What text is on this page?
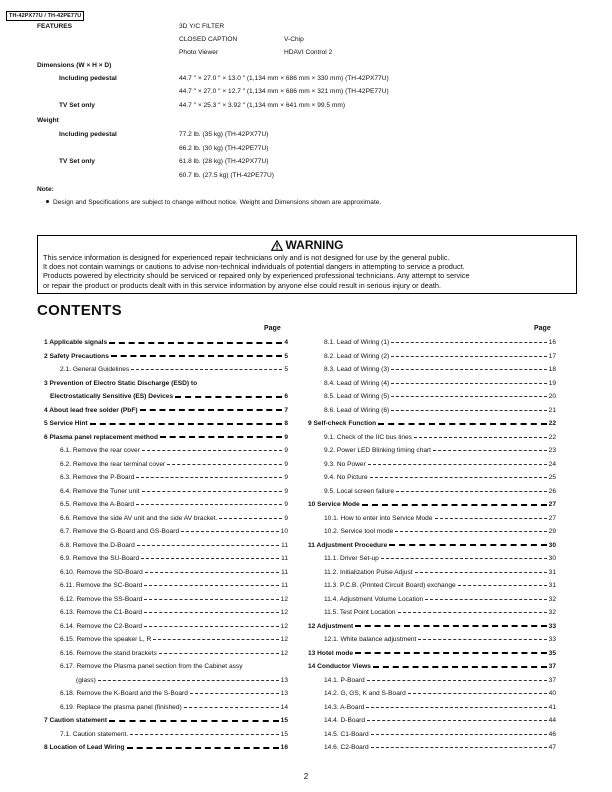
TH-42PX77U / TH-42PE77U
FEATURES	3D Y/C FILTER
CLOSED CAPTION	V-Chip
Photo Viewer	HDAVI Control 2
Dimensions (W × H × D)
Including pedestal	44.7 ″ × 27.0 ″ × 13.0 ″ (1,134 mm × 686 mm × 330 mm) (TH-42PX77U)
44.7 ″ × 27.0 ″ × 12.7 ″ (1,134 mm × 686 mm × 321 mm) (TH-42PE77U)
TV Set only	44.7 ″ × 25.3 ″ × 3.92 ″ (1,134 mm × 641 mm × 99.5 mm)
Weight
Including pedestal	77.2 lb. (35 kg) (TH-42PX77U)
66.2 lb. (30 kg) (TH-42PE77U)
TV Set only	61.8 lb. (28 kg) (TH-42PX77U)
60.7 lb. (27.5 kg) (TH-42PE77U)
Note:
Design and Specifications are subject to change without notice. Weight and Dimensions shown are approximate.
WARNING
This service information is designed for experienced repair technicians only and is not designed for use by the general public.
It does not contain warnings or cautions to advise non-technical individuals of potential dangers in attempting to service a product.
Products powered by electricity should be serviced or repaired only by experienced professional technicians. Any attempt to service
or repair the product or products dealt with in this service information by anyone else could result in serious injury or death.
CONTENTS
Page	Page
1 Applicable signals	4
2 Safety Precautions	5
2.1. General Guidelines	5
3 Prevention of Electro Static Discharge (ESD) to
Electrostatically Sensitive (ES) Devices	6
4 About lead free solder (PbF)	7
5 Service Hint	8
6 Plasma panel replacement method	9
6.1. Remove the rear cover	9
6.2. Remove the rear terminal cover	9
6.3. Remove the P-Board	9
6.4. Remove the Tuner unit	9
6.5. Remove the A-Board	9
6.6. Remove the side AV unit and the side AV bracket.	9
6.7. Remove the G-Board and GS-Board	10
6.8. Remove the D-Board	11
6.9. Remove the SU-Board	11
6.10. Remove the SD-Board	11
6.11. Remove the SC-Board	11
6.12. Remove the SS-Board	12
6.13. Remove the C1-Board	12
6.14. Remove the C2-Board	12
6.15. Remove the speaker L, R	12
6.16. Remove the stand brackets	12
6.17. Remove the Plasma panel section from the Cabinet assy
(glass)	13
6.18. Remove the K-Board and the S-Board	13
6.19. Replace the plasma panel (finished)	14
7 Caution statement	15
7.1. Caution statement.	15
8 Location of Lead Wiring	16
8.1. Lead of Wiring (1)	16
8.2. Lead of Wiring (2)	17
8.3. Lead of Wiring (3)	18
8.4. Lead of Wiring (4)	19
8.5. Lead of Wiring (5)	20
8.6. Lead of Wiring (6)	21
9 Self-check Function	22
9.1. Check of the IIC bus lines	22
9.2. Power LED Blinking timing chart	23
9.3. No Power	24
9.4. No Picture	25
9.5. Local screen failure	26
10 Service Mode	27
10.1. How to enter into Service Mode	27
10.2. Service tool mode	29
11 Adjustment Procedure	30
11.1. Driver Set-up	30
11.2. Initialization Pulse Adjust	31
11.3. P.C.B. (Printed Circuit Board) exchange	31
11.4. Adjustment Volume Location	32
11.5. Test Point Location	32
12 Adjustment	33
12.1. White balance adjustment	33
13 Hotel mode	35
14 Conductor Views	37
14.1. P-Board	37
14.2. G, GS, K and S-Board	40
14.3. A-Board	41
14.4. D-Board	44
14.5. C1-Board	46
14.6. C2-Board	47
2
